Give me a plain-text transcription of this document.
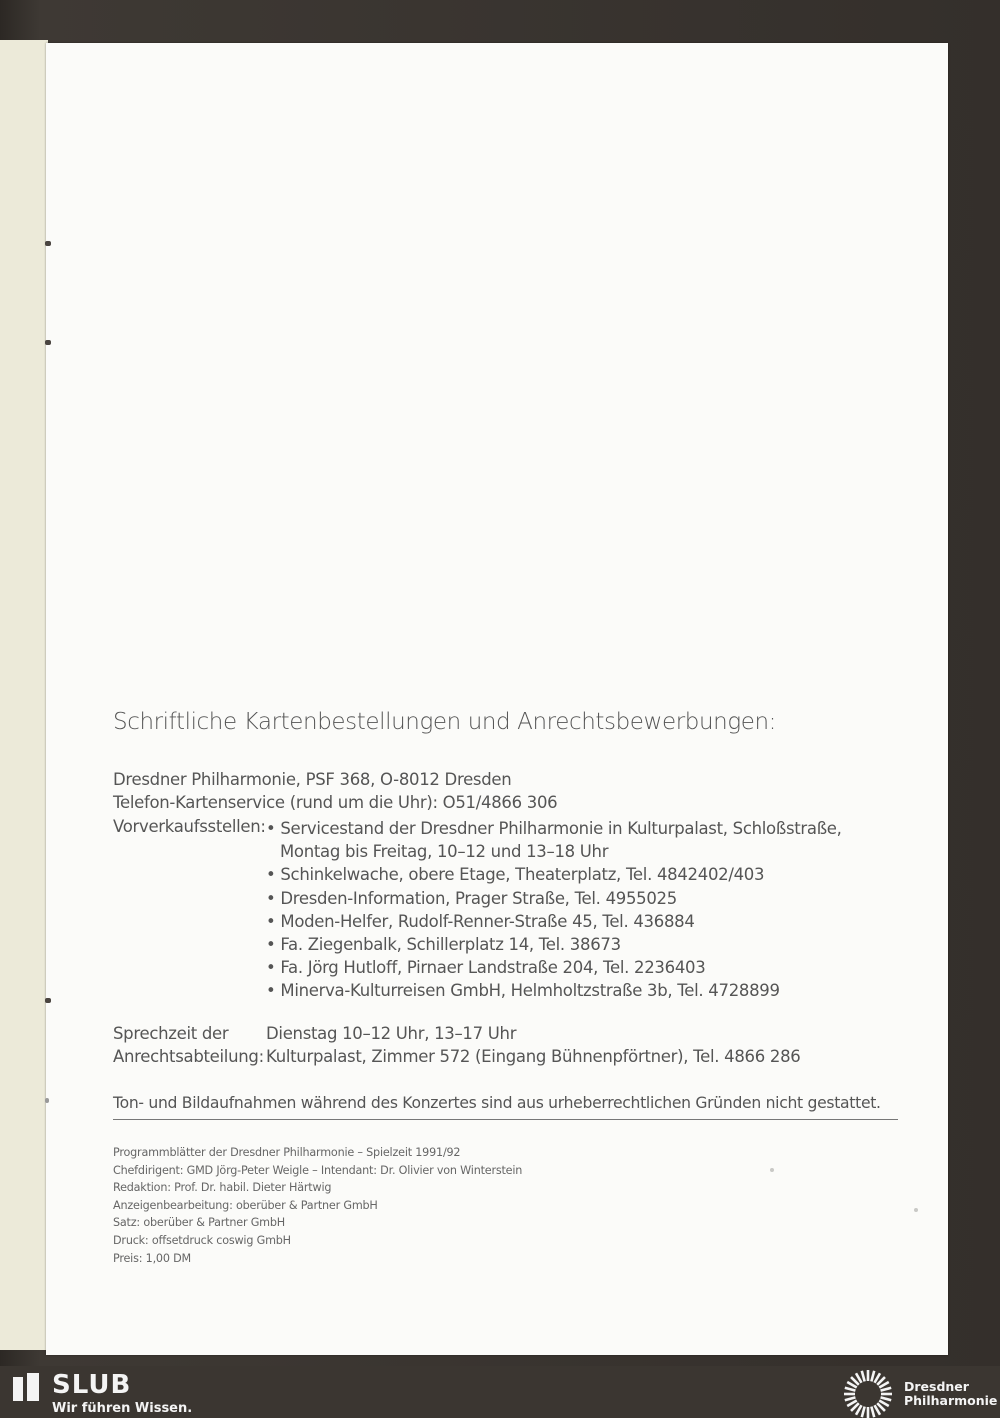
Schriftliche Kartenbestellungen und Anrechtsbewerbungen:
Dresdner Philharmonie, PSF 368, O-8012 Dresden
Telefon-Kartenservice (rund um die Uhr): O51/4866 306
Vorverkaufsstellen: • Servicestand der Dresdner Philharmonie in Kulturpalast, Schloßstraße,
Montag bis Freitag, 10–12 und 13–18 Uhr
• Schinkelwache, obere Etage, Theaterplatz, Tel. 4842402/403
• Dresden-Information, Prager Straße, Tel. 4955025
• Moden-Helfer, Rudolf-Renner-Straße 45, Tel. 436884
• Fa. Ziegenbalk, Schillerplatz 14, Tel. 38673
• Fa. Jörg Hutloff, Pirnaer Landstraße 204, Tel. 2236403
• Minerva-Kulturreisen GmbH, Helmholtzstraße 3b, Tel. 4728899
Sprechzeit der
Anrechtsabteilung:
Dienstag 10–12 Uhr, 13–17 Uhr
Kulturpalast, Zimmer 572 (Eingang Bühnenpförtner), Tel. 4866 286
Ton- und Bildaufnahmen während des Konzertes sind aus urheberrechtlichen Gründen nicht gestattet.
Programmblätter der Dresdner Philharmonie – Spielzeit 1991/92
Chefdirigent: GMD Jörg-Peter Weigle – Intendant: Dr. Olivier von Winterstein
Redaktion: Prof. Dr. habil. Dieter Härtwig
Anzeigenbearbeitung: oberüber & Partner GmbH
Satz: oberüber & Partner GmbH
Druck: offsetdruck coswig GmbH
Preis: 1,00 DM
SLUB
Wir führen Wissen.
Dresdner
Philharmonie
